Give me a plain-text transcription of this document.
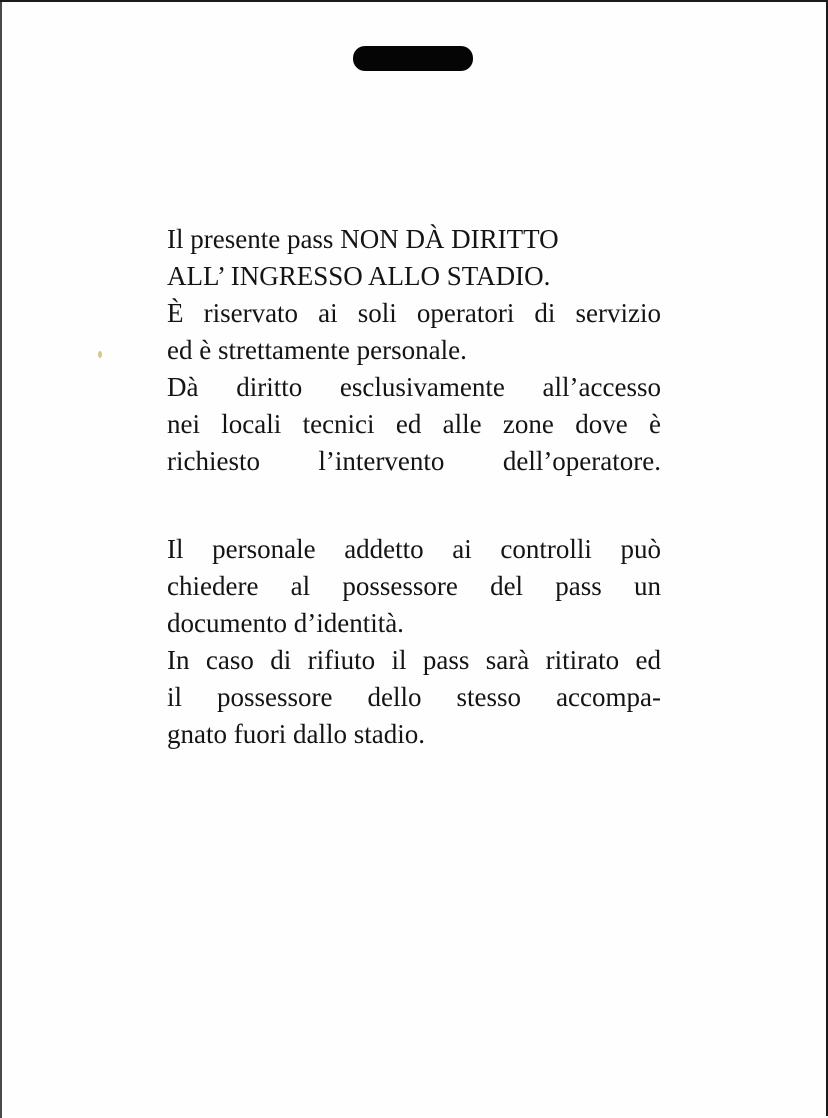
Il presente pass NON DÀ DIRITTO
ALL’ INGRESSO ALLO STADIO.
È riservato ai soli operatori di servizio
ed è strettamente personale.
Dà diritto esclusivamente all’accesso
nei locali tecnici ed alle zone dove è
richiesto l’intervento dell’operatore.

Il personale addetto ai controlli può
chiedere al possessore del pass un
documento d’identità.
In caso di rifiuto il pass sarà ritirato ed
il possessore dello stesso accompa-
gnato fuori dallo stadio.
